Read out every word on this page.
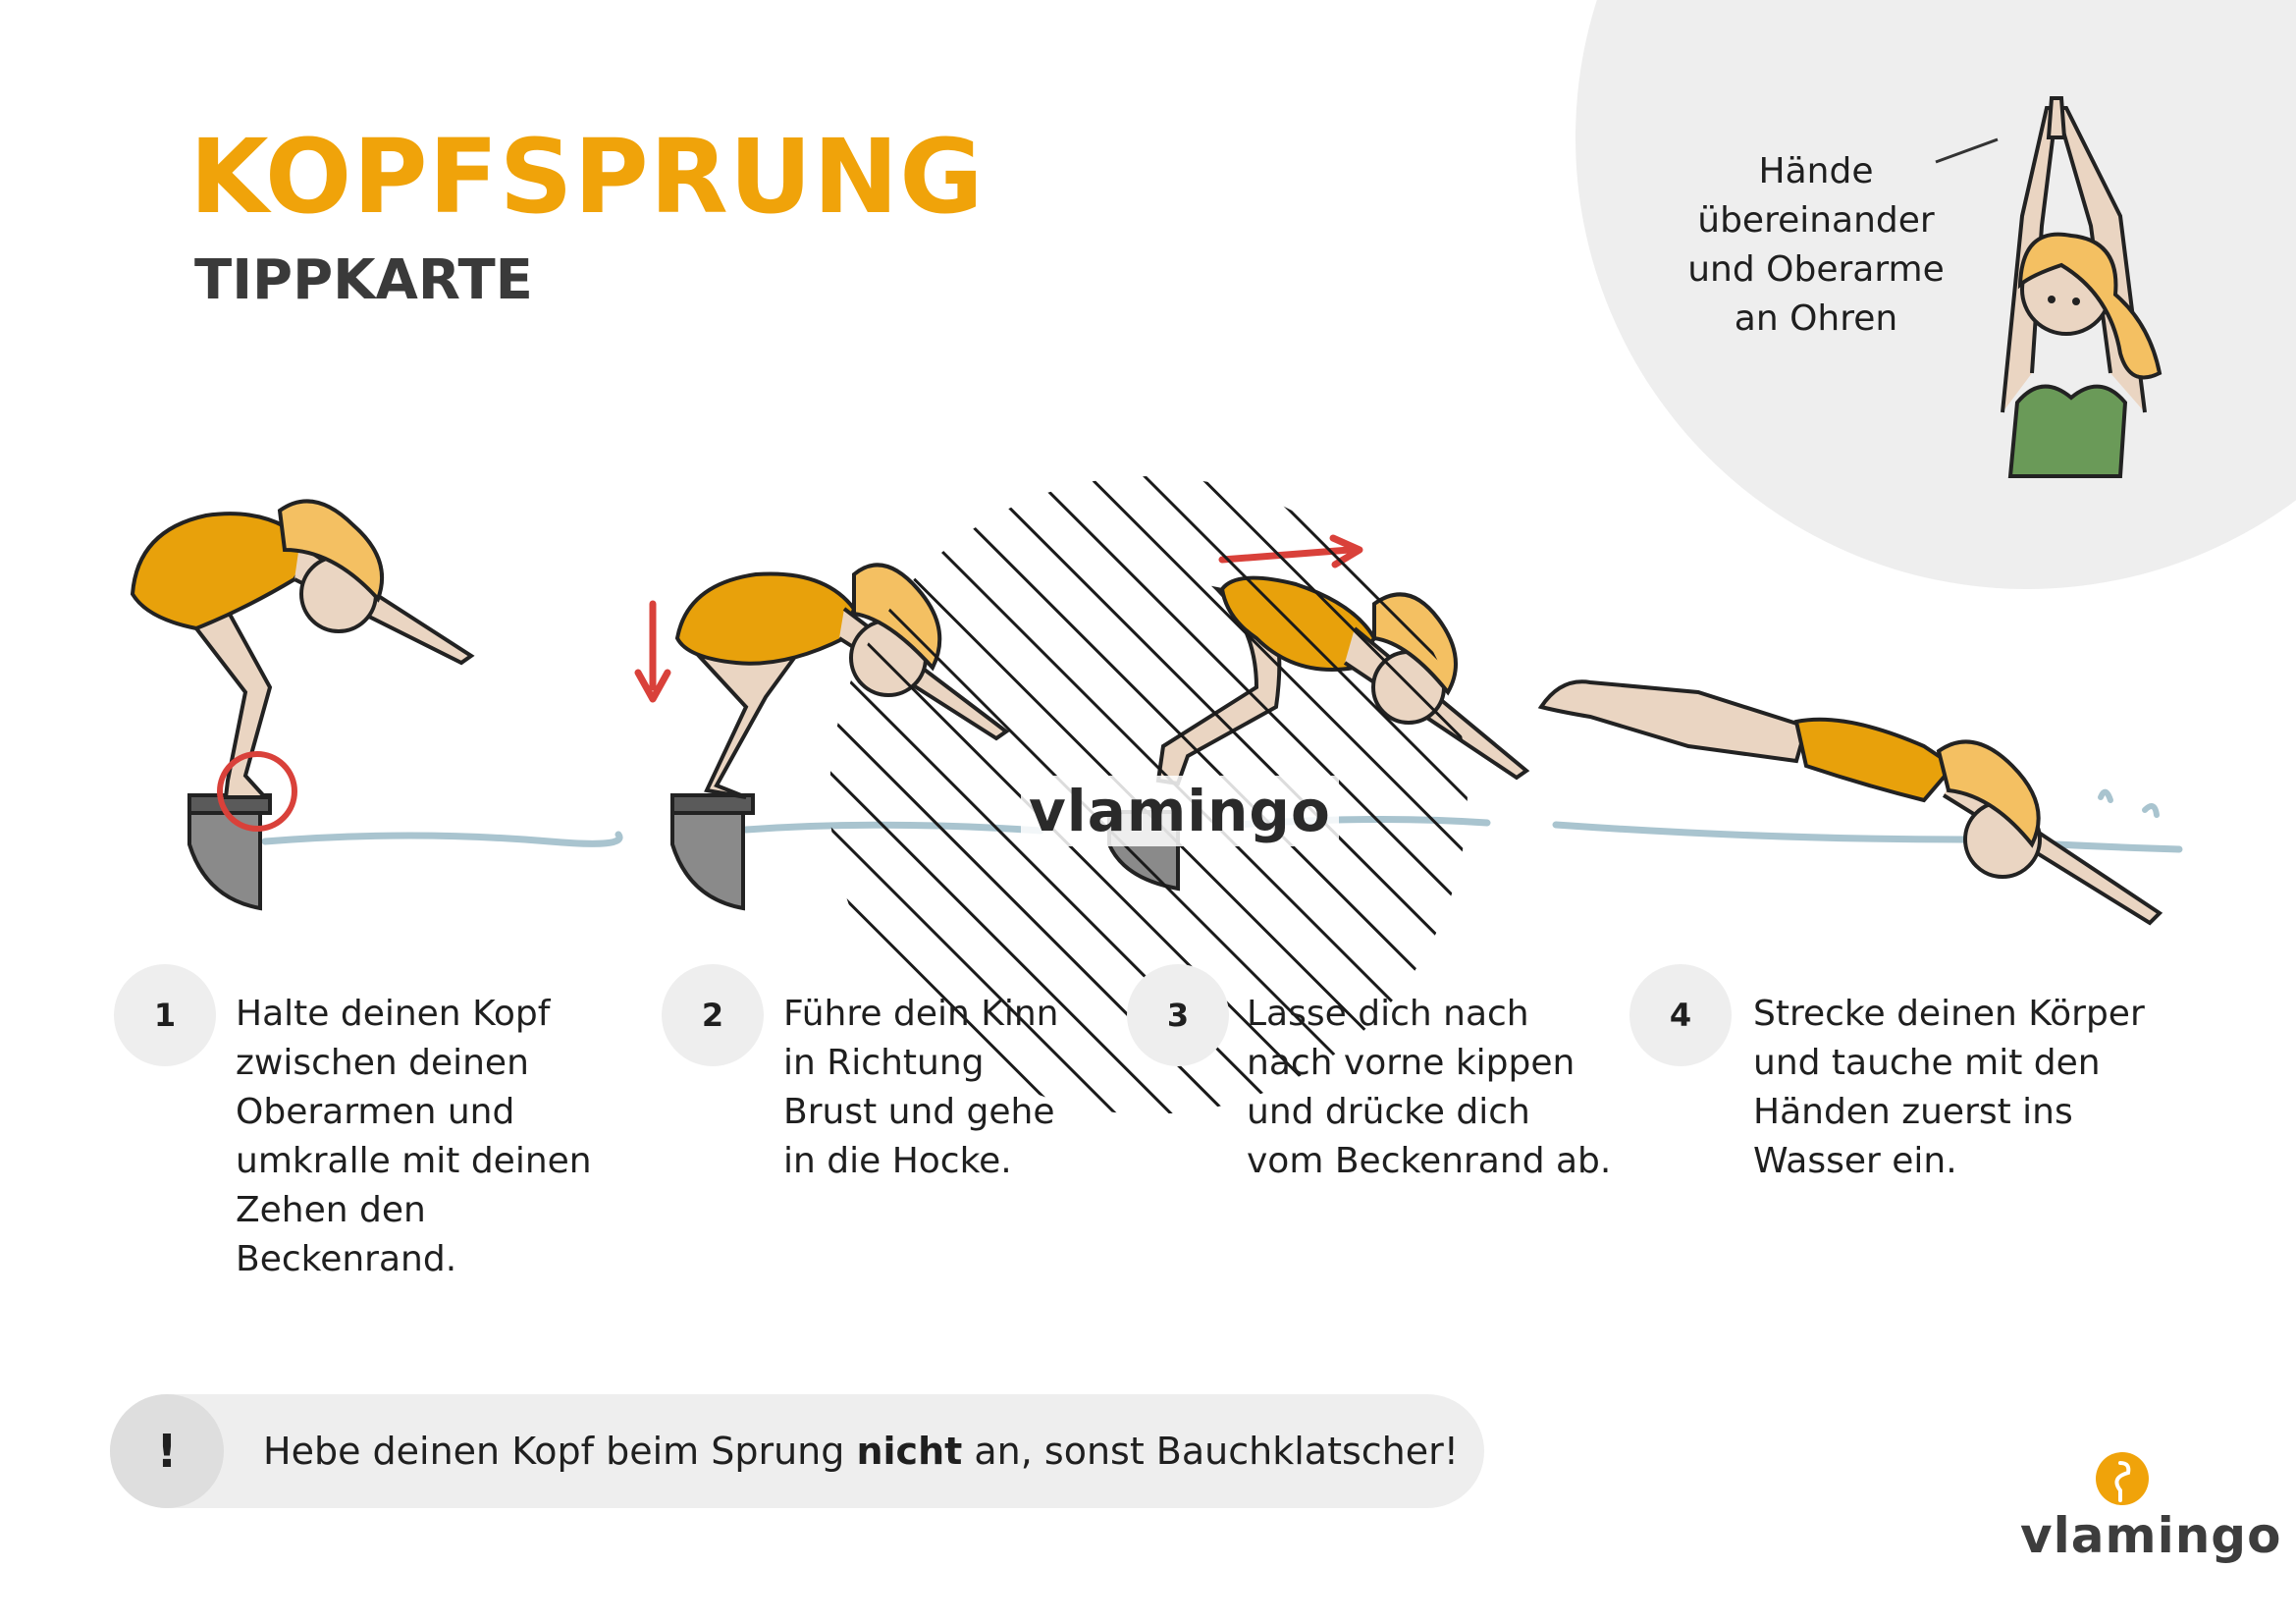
KOPFSPRUNG
TIPPKARTE
Hände
übereinander
und Oberarme
an Ohren
vlamingo
1	Halte deinen Kopf
zwischen deinen
Oberarmen und
umkralle mit deinen
Zehen den Beckenrand.
2	Führe dein Kinn
in Richtung
Brust und gehe
in die Hocke.
3	Lasse dich nach
nach vorne kippen
und drücke dich
vom Beckenrand ab.
4	Strecke deinen Körper
und tauche mit den
Händen zuerst ins
Wasser ein.
!	Hebe deinen Kopf beim Sprung nicht an, sonst Bauchklatscher!
vlamingo
